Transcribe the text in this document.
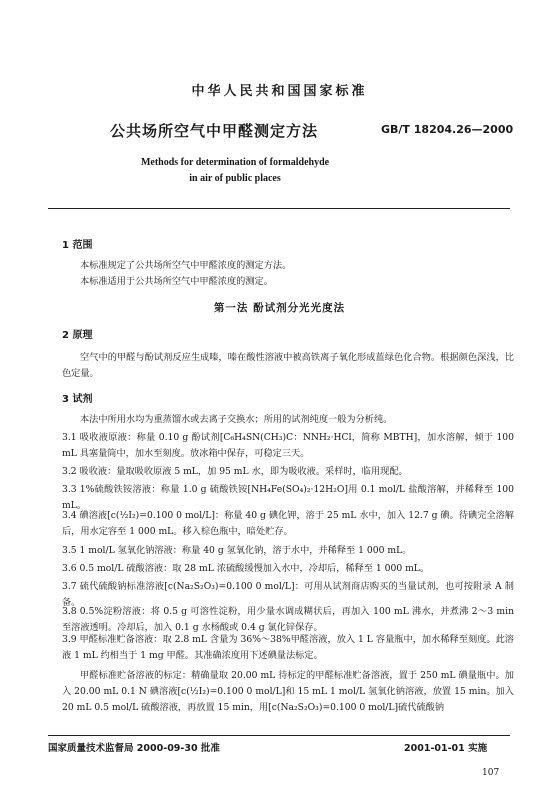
中华人民共和国国家标准
公共场所空气中甲醛测定方法	GB/T 18204.26—2000
Methods for determination of formaldehyde
in air of public places
1 范围
本标准规定了公共场所空气中甲醛浓度的测定方法。
本标准适用于公共场所空气中甲醛浓度的测定。
第一法 酚试剂分光光度法
2 原理
空气中的甲醛与酚试剂反应生成嗪，嗪在酸性溶液中被高铁离子氧化形成蓝绿色化合物。根据颜色深浅，比色定量。
3 试剂
本法中所用水均为重蒸馏水或去离子交换水；所用的试剂纯度一般为分析纯。
3.1 吸收液原液：称量 0.10 g 酚试剂[C₆H₄SN(CH₃)C：NNH₂·HCl，简称 MBTH]，加水溶解，倾于 100 mL 具塞量筒中，加水至刻度。放冰箱中保存，可稳定三天。
3.2 吸收液：量取吸收原液 5 mL，加 95 mL 水，即为吸收液。采样时，临用现配。
3.3 1%硫酸铁铵溶液：称量 1.0 g 硫酸铁铵[NH₄Fe(SO₄)₂·12H₂O]用 0.1 mol/L 盐酸溶解，并稀释至 100 mL。
3.4 碘溶液[c(½I₂)=0.100 0 mol/L]：称量 40 g 碘化钾，溶于 25 mL 水中，加入 12.7 g 碘。待碘完全溶解后，用水定容至 1 000 mL。移入棕色瓶中，暗处贮存。
3.5 1 mol/L 氢氧化钠溶液：称量 40 g 氢氧化钠，溶于水中，并稀释至 1 000 mL。
3.6 0.5 mol/L 硫酸溶液：取 28 mL 浓硫酸缓慢加入水中，冷却后，稀释至 1 000 mL。
3.7 硫代硫酸钠标准溶液[c(Na₂S₂O₃)=0.100 0 mol/L]：可用从试剂商店购买的当量试剂，也可按附录 A 制备。
3.8 0.5%淀粉溶液：将 0.5 g 可溶性淀粉，用少量水调成糊状后，再加入 100 mL 沸水，并煮沸 2～3 min 至溶液透明。冷却后，加入 0.1 g 水杨酸或 0.4 g 氯化锌保存。
3.9 甲醛标准贮备溶液：取 2.8 mL 含量为 36%～38%甲醛溶液，放入 1 L 容量瓶中，加水稀释至刻度。此溶液 1 mL 约相当于 1 mg 甲醛。其准确浓度用下述碘量法标定。
甲醛标准贮备溶液的标定：精确量取 20.00 mL 待标定的甲醛标准贮备溶液，置于 250 mL 碘量瓶中。加入 20.00 mL 0.1 N 碘溶液[c(½I₂)=0.100 0 mol/L]和 15 mL 1 mol/L 氢氧化钠溶液，放置 15 min。加入 20 mL 0.5 mol/L 硫酸溶液，再放置 15 min，用[c(Na₂S₂O₃)=0.100 0 mol/L]硫代硫酸钠
国家质量技术监督局 2000-09-30 批准	2001-01-01 实施
107
